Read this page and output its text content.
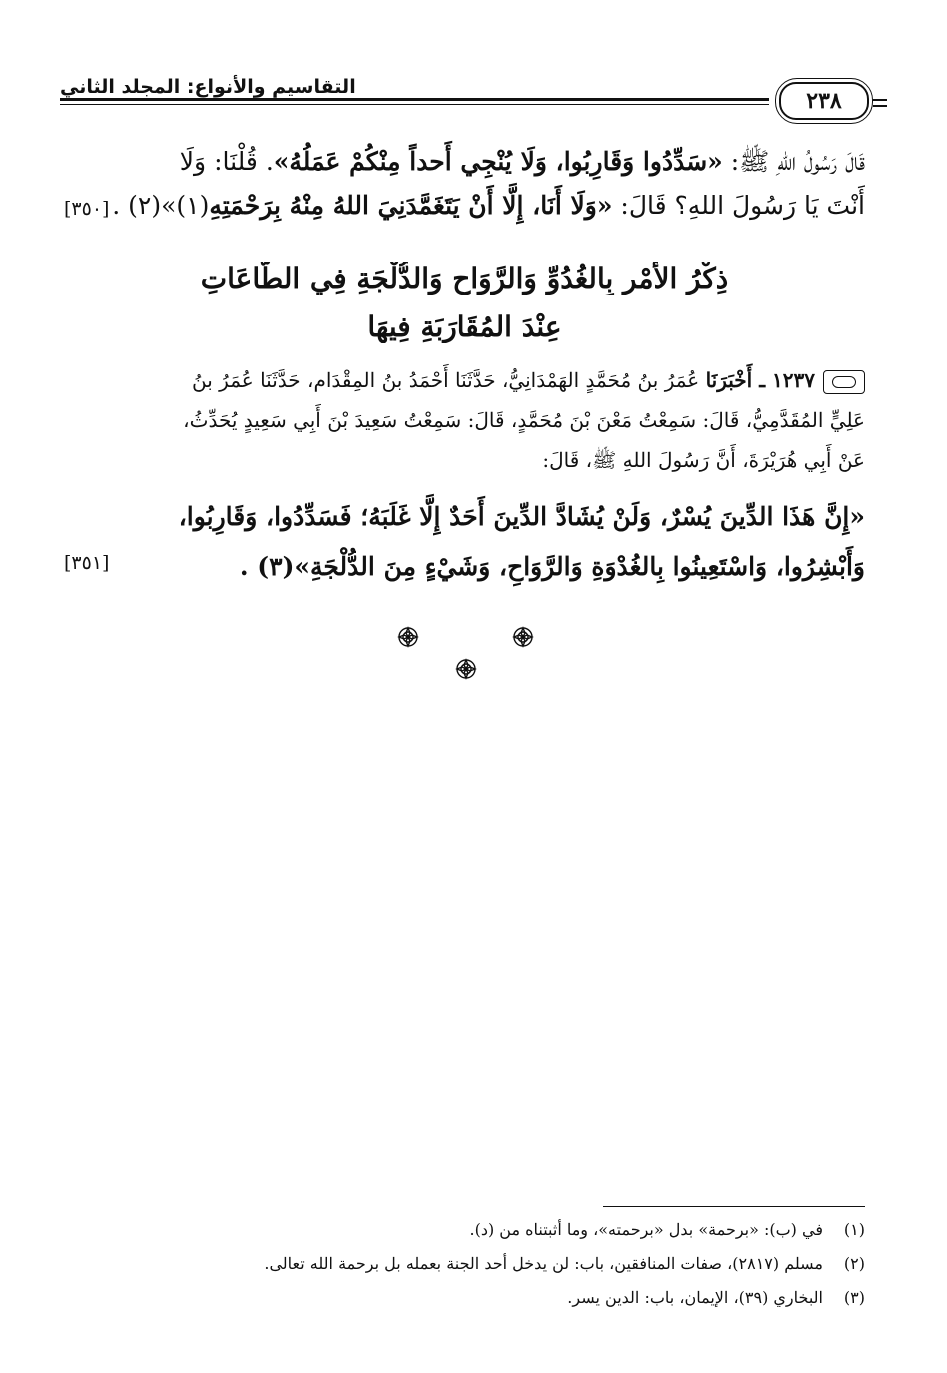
٢٣٨
التقاسيم والأنواع: المجلد الثاني
قَالَ رَسُولُ اللهِ ﷺ: «سَدِّدُوا وَقَارِبُوا، وَلَا يُنْجِي أَحداً مِنْكُمْ عَمَلُهُ». قُلْنَا: وَلَا
أَنْتَ يَا رَسُولَ اللهِ؟ قَالَ: «وَلَا أَنَا، إِلَّا أَنْ يَتَغَمَّدَنِيَ اللهُ مِنْهُ بِرَحْمَتِهِ(١)»(٢) .
[٣٥٠]
ذِكْرُ الأَمْرِ بِالغُدُوِّ وَالرَّوَاحِ وَالدُّلْجَةِ فِي الطَّاعَاتِ
عِنْدَ المُقَارَبَةِ فِيهَا
١٢٣٧ ـ أَخْبَرَنَا عُمَرُ بنُ مُحَمَّدٍ الهَمْدَانِيُّ، حَدَّثَنَا أَحْمَدُ بنُ المِقْدَام، حَدَّثَنَا عُمَرُ بنُ
عَلِيٍّ المُقَدَّمِيُّ، قَالَ: سَمِعْتُ مَعْنَ بْنَ مُحَمَّدٍ، قَالَ: سَمِعْتُ سَعِيدَ بْنَ أَبِي سَعِيدٍ يُحَدِّثُ،
عَنْ أَبِي هُرَيْرَةَ، أَنَّ رَسُولَ اللهِ ﷺ، قَالَ:
«إِنَّ هَذَا الدِّينَ يُسْرٌ، وَلَنْ يُشَادَّ الدِّينَ أَحَدٌ إِلَّا غَلَبَهُ؛ فَسَدِّدُوا، وَقَارِبُوا،
وَأَبْشِرُوا، وَاسْتَعِينُوا بِالغُدْوَةِ وَالرَّوَاحِ، وَشَيْءٍ مِنَ الدُّلْجَةِ»(٣) .
[٣٥١]
(١)في (ب): «برحمة» بدل «برحمته»، وما أثبتناه من (د).
(٢)مسلم (٢٨١٧)، صفات المنافقين، باب: لن يدخل أحد الجنة بعمله بل برحمة الله تعالى.
(٣)البخاري (٣٩)، الإيمان، باب: الدين يسر.
